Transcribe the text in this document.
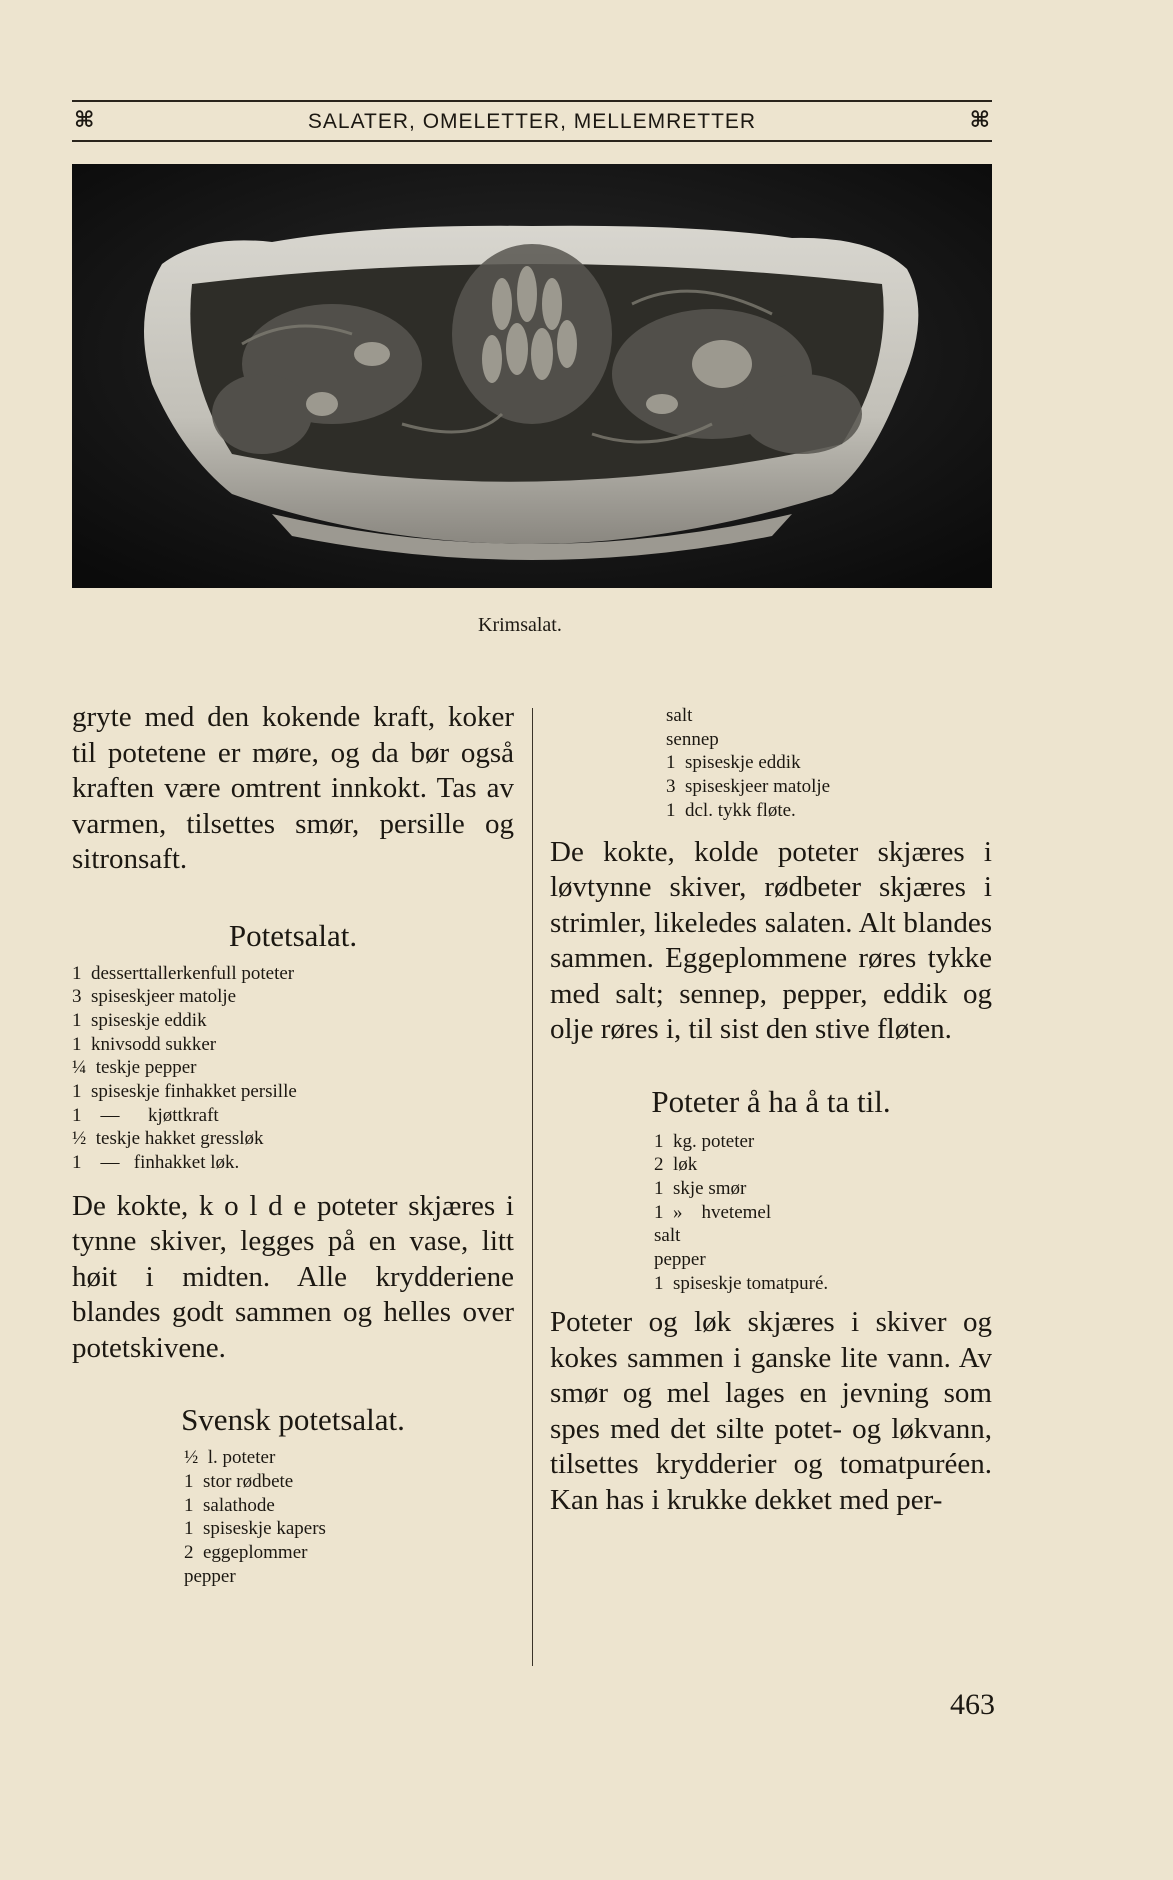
⌘	SALATER, OMELETTER, MELLEMRETTER	⌘
Krimsalat.

gryte med den kokende kraft, koker til potetene er møre, og da bør også kraften være omtrent innkokt. Tas av varmen, tilsettes smør, persille og sitronsaft.

Potetsalat.
1  desserttallerkenfull poteter
3  spiseskjeer matolje
1  spiseskje eddik
1  knivsodd sukker
¼  teskje pepper
1  spiseskje finhakket persille
1    —      kjøttkraft
½  teskje hakket gressløk
1    —   finhakket løk.

De kokte, k o l d e poteter skjæres i tynne skiver, legges på en vase, litt høit i midten. Alle krydderiene blandes godt sammen og helles over potetskivene.

Svensk potetsalat.
½  l. poteter
1  stor rødbete
1  salathode
1  spiseskje kapers
2  eggeplommer
pepper
salt
sennep
1  spiseskje eddik
3  spiseskjeer matolje
1  dcl. tykk fløte.

De kokte, kolde poteter skjæres i løvtynne skiver, rødbeter skjæres i strimler, likeledes salaten. Alt blandes sammen. Eggeplommene røres tykke med salt; sennep, pepper, eddik og olje røres i, til sist den stive fløten.

Poteter å ha å ta til.
1  kg. poteter
2  løk
1  skje smør
1  »    hvetemel
salt
pepper
1  spiseskje tomatpuré.

Poteter og løk skjæres i skiver og kokes sammen i ganske lite vann. Av smør og mel lages en jevning som spes med det silte potet- og løkvann, tilsettes krydderier og tomatpuréen. Kan has i krukke dekket med per-

463
